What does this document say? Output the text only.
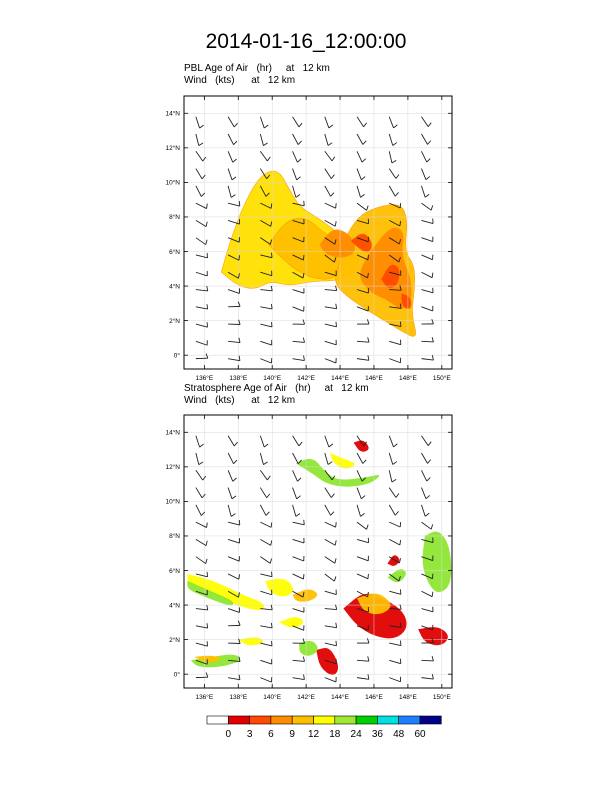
2014-01-16_12:00:00
PBL Age of Air   (hr)     at   12 km
Wind   (kts)      at   12 km
Stratosphere Age of Air   (hr)     at   12 km
Wind   (kts)      at   12 km
136°E 138°E 140°E 142°E 144°E 146°E 148°E 150°E
0°
2°N
4°N
6°N
8°N
10°N
12°N
14°N
136°E 138°E 140°E 142°E 144°E 146°E 148°E 150°E
0°
2°N
4°N
6°N
8°N
10°N
12°N
14°N
0 3 6 9 12 18 24 36 48 60
